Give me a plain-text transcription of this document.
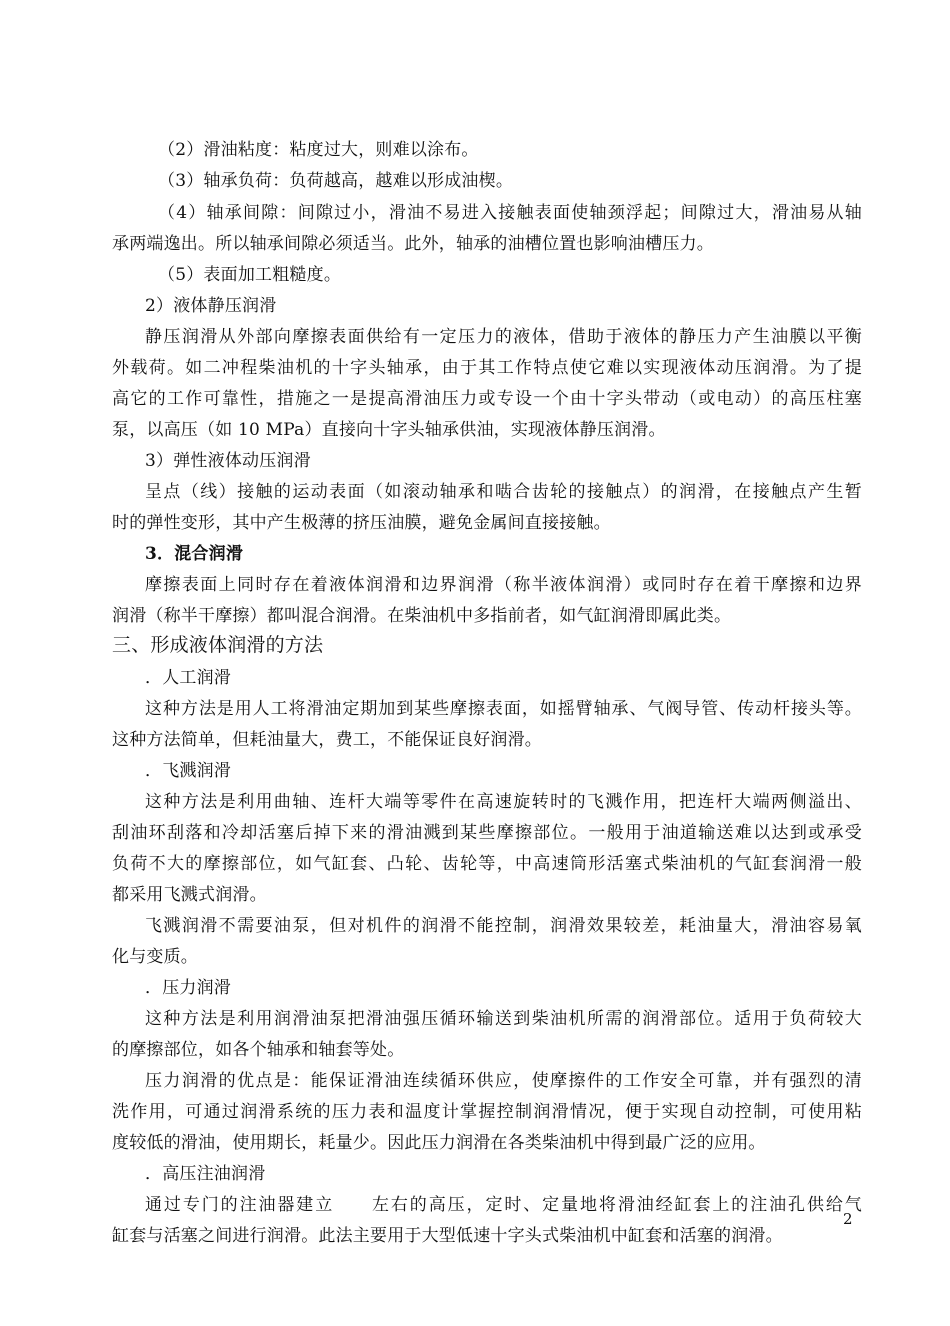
（2）滑油粘度：粘度过大，则难以涂布。
（3）轴承负荷：负荷越高，越难以形成油楔。
（4）轴承间隙：间隙过小，滑油不易进入接触表面使轴颈浮起；间隙过大，滑油易从轴
承两端逸出。所以轴承间隙必须适当。此外，轴承的油槽位置也影响油槽压力。
（5）表面加工粗糙度。
2）液体静压润滑
静压润滑从外部向摩擦表面供给有一定压力的液体，借助于液体的静压力产生油膜以平衡
外载荷。如二冲程柴油机的十字头轴承，由于其工作特点使它难以实现液体动压润滑。为了提
高它的工作可靠性，措施之一是提高滑油压力或专设一个由十字头带动（或电动）的高压柱塞
泵，以高压（如 10 MPa）直接向十字头轴承供油，实现液体静压润滑。
3）弹性液体动压润滑
呈点（线）接触的运动表面（如滚动轴承和啮合齿轮的接触点）的润滑，在接触点产生暂
时的弹性变形，其中产生极薄的挤压油膜，避免金属间直接接触。
3．混合润滑
摩擦表面上同时存在着液体润滑和边界润滑（称半液体润滑）或同时存在着干摩擦和边界
润滑（称半干摩擦）都叫混合润滑。在柴油机中多指前者，如气缸润滑即属此类。
三、形成液体润滑的方法
．人工润滑
这种方法是用人工将滑油定期加到某些摩擦表面，如摇臂轴承、气阀导管、传动杆接头等。
这种方法简单，但耗油量大，费工，不能保证良好润滑。
．飞溅润滑
这种方法是利用曲轴、连杆大端等零件在高速旋转时的飞溅作用，把连杆大端两侧溢出、
刮油环刮落和冷却活塞后掉下来的滑油溅到某些摩擦部位。一般用于油道输送难以达到或承受
负荷不大的摩擦部位，如气缸套、凸轮、齿轮等，中高速筒形活塞式柴油机的气缸套润滑一般
都采用飞溅式润滑。
飞溅润滑不需要油泵，但对机件的润滑不能控制，润滑效果较差，耗油量大，滑油容易氧
化与变质。
．压力润滑
这种方法是利用润滑油泵把滑油强压循环输送到柴油机所需的润滑部位。适用于负荷较大
的摩擦部位，如各个轴承和轴套等处。
压力润滑的优点是：能保证滑油连续循环供应，使摩擦件的工作安全可靠，并有强烈的清
洗作用，可通过润滑系统的压力表和温度计掌握控制润滑情况，便于实现自动控制，可使用粘
度较低的滑油，使用期长，耗量少。因此压力润滑在各类柴油机中得到最广泛的应用。
．高压注油润滑
通过专门的注油器建立　　左右的高压，定时、定量地将滑油经缸套上的注油孔供给气
缸套与活塞之间进行润滑。此法主要用于大型低速十字头式柴油机中缸套和活塞的润滑。
2
